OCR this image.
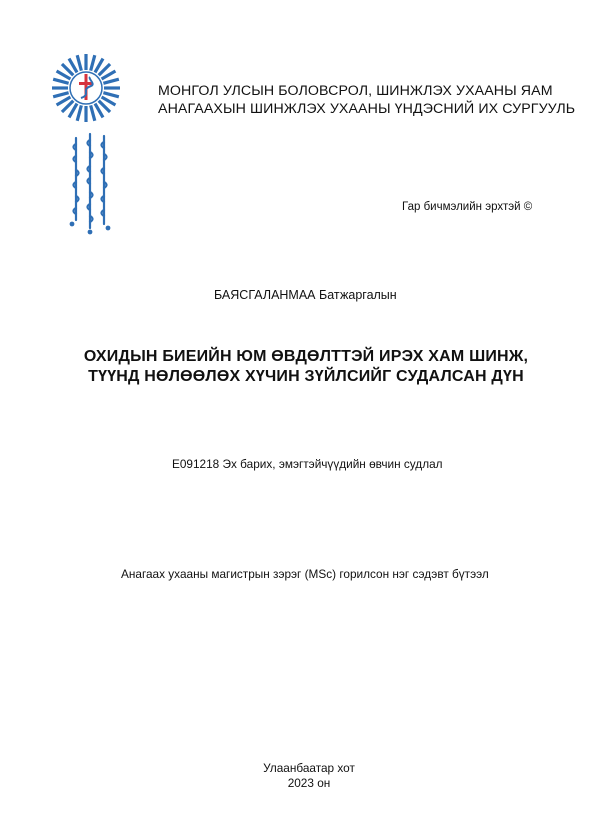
МОНГОЛ УЛСЫН БОЛОВСРОЛ, ШИНЖЛЭХ УХААНЫ ЯАМ
АНАГААХЫН ШИНЖЛЭХ УХААНЫ ҮНДЭСНИЙ ИХ СУРГУУЛЬ
Гар бичмэлийн эрхтэй ©
БАЯСГАЛАНМАА Батжаргалын
ОХИДЫН БИЕИЙН ЮМ ӨВДӨЛТТЭЙ ИРЭХ ХАМ ШИНЖ,
ТҮҮНД НӨЛӨӨЛӨХ ХҮЧИН ЗҮЙЛСИЙГ СУДАЛСАН ДҮН
E091218 Эх барих, эмэгтэйчүүдийн өвчин судлал
Анагаах ухааны магистрын зэрэг (MSc) горилсон нэг сэдэвт бүтээл
Улаанбаатар хот
2023 он
